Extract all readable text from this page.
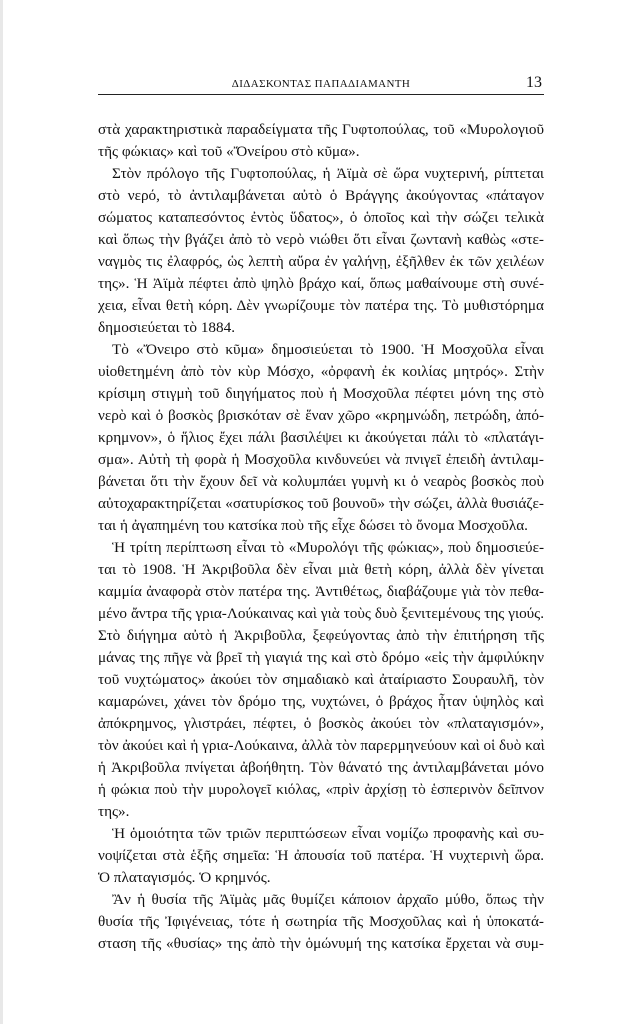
ΔΙΔΑΣΚΟΝΤΑΣ ΠΑΠΑΔΙΑΜΑΝΤΗ	13
στὰ χαρακτηριστικὰ παραδείγματα τῆς Γυφτοπούλας, τοῦ «Μυρολογιοῦ
τῆς φώκιας» καὶ τοῦ «Ὄνείρου στὸ κῦμα».
Στὸν πρόλογο τῆς Γυφτοπούλας, ἡ Ἀϊμὰ σὲ ὥρα νυχτερινή, ρίπτεται
στὸ νερό, τὸ ἀντιλαμβάνεται αὐτὸ ὁ Βράγγης ἀκούγοντας «πάταγον
σώματος καταπεσόντος ἐντὸς ὕδατος», ὁ ὁποῖος καὶ τὴν σώζει τελικὰ
καὶ ὅπως τὴν βγάζει ἀπὸ τὸ νερὸ νιώθει ὅτι εἶναι ζωντανὴ καθὼς «στε-
ναγμὸς τις ἐλαφρός, ὡς λεπτὴ αὔρα ἐν γαλήνῃ, ἐξῆλθεν ἐκ τῶν χειλέων
της». Ἡ Ἀϊμὰ πέφτει ἀπὸ ψηλὸ βράχο καί, ὅπως μαθαίνουμε στὴ συνέ-
χεια, εἶναι θετὴ κόρη. Δὲν γνωρίζουμε τὸν πατέρα της. Τὸ μυθιστόρημα
δημοσιεύεται τὸ 1884.
Τὸ «Ὄνειρο στὸ κῦμα» δημοσιεύεται τὸ 1900. Ἡ Μοσχοῦλα εἶναι
υἱοθετημένη ἀπὸ τὸν κὺρ Μόσχο, «ὀρφανὴ ἐκ κοιλίας μητρός». Στὴν
κρίσιμη στιγμὴ τοῦ διηγήματος ποὺ ἡ Μοσχοῦλα πέφτει μόνη της στὸ
νερὸ καὶ ὁ βοσκὸς βρισκόταν σὲ ἕναν χῶρο «κρημνώδη, πετρώδη, ἀπό-
κρημνον», ὁ ἥλιος ἔχει πάλι βασιλέψει κι ἀκούγεται πάλι τὸ «πλατάγι-
σμα». Αὐτὴ τὴ φορὰ ἡ Μοσχοῦλα κινδυνεύει νὰ πνιγεῖ ἐπειδὴ ἀντιλαμ-
βάνεται ὅτι τὴν ἔχουν δεῖ νὰ κολυμπάει γυμνὴ κι ὁ νεαρὸς βοσκὸς ποὺ
αὐτοχαρακτηρίζεται «σατυρίσκος τοῦ βουνοῦ» τὴν σώζει, ἀλλὰ θυσιάζε-
ται ἡ ἀγαπημένη του κατσίκα ποὺ τῆς εἶχε δώσει τὸ ὄνομα Μοσχοῦλα.
Ἡ τρίτη περίπτωση εἶναι τὸ «Μυρολόγι τῆς φώκιας», ποὺ δημοσιεύε-
ται τὸ 1908. Ἡ Ἀκριβοῦλα δὲν εἶναι μιὰ θετὴ κόρη, ἀλλὰ δὲν γίνεται
καμμία ἀναφορὰ στὸν πατέρα της. Ἀντιθέτως, διαβάζουμε γιὰ τὸν πεθα-
μένο ἄντρα τῆς γρια-Λούκαινας καὶ γιὰ τοὺς δυὸ ξενιτεμένους της γιούς.
Στὸ διήγημα αὐτὸ ἡ Ἀκριβοῦλα, ξεφεύγοντας ἀπὸ τὴν ἐπιτήρηση τῆς
μάνας της πῆγε νὰ βρεῖ τὴ γιαγιά της καὶ στὸ δρόμο «εἰς τὴν ἀμφιλύκην
τοῦ νυχτώματος» ἀκούει τὸν σημαδιακὸ καὶ ἀταίριαστο Σουραυλῆ, τὸν
καμαρώνει, χάνει τὸν δρόμο της, νυχτώνει, ὁ βράχος ἦταν ὑψηλὸς καὶ
ἀπόκρημνος, γλιστράει, πέφτει, ὁ βοσκὸς ἀκούει τὸν «πλαταγισμόν»,
τὸν ἀκούει καὶ ἡ γρια-Λούκαινα, ἀλλὰ τὸν παρερμηνεύουν καὶ οἱ δυὸ καὶ
ἡ Ἀκριβοῦλα πνίγεται ἀβοήθητη. Τὸν θάνατό της ἀντιλαμβάνεται μόνο
ἡ φώκια ποὺ τὴν μυρολογεῖ κιόλας, «πρὶν ἀρχίσῃ τὸ ἑσπερινὸν δεῖπνον
της».
Ἡ ὁμοιότητα τῶν τριῶν περιπτώσεων εἶναι νομίζω προφανὴς καὶ συ-
νοψίζεται στὰ ἑξῆς σημεῖα: Ἡ ἀπουσία τοῦ πατέρα. Ἡ νυχτερινὴ ὥρα.
Ὁ πλαταγισμός. Ὁ κρημνός.
Ἂν ἡ θυσία τῆς Ἀϊμὰς μᾶς θυμίζει κάποιον ἀρχαῖο μύθο, ὅπως τὴν
θυσία τῆς Ἰφιγένειας, τότε ἡ σωτηρία τῆς Μοσχοῦλας καὶ ἡ ὑποκατά-
σταση τῆς «θυσίας» της ἀπὸ τὴν ὁμώνυμή της κατσίκα ἔρχεται νὰ συμ-
